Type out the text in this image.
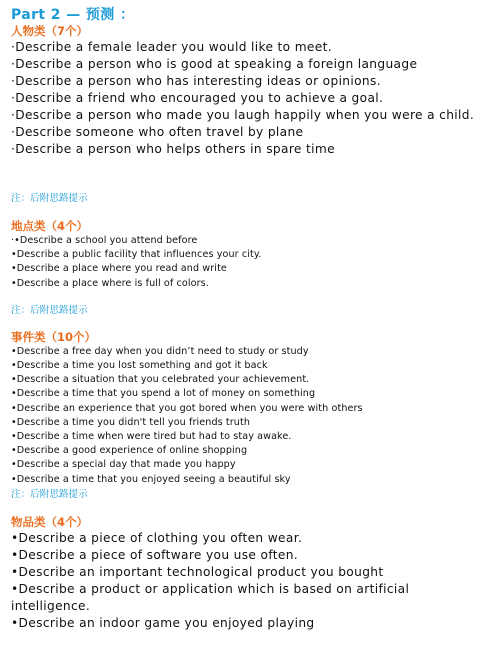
Part 2 — 预测 ：
人物类（7个）
·Describe a female leader you would like to meet.
·Describe a person who is good at speaking a foreign language
·Describe a person who has interesting ideas or opinions.
·Describe a friend who encouraged you to achieve a goal.
·Describe a person who made you laugh happily when you were a child.
·Describe someone who often travel by plane
·Describe a person who helps others in spare time
注：后附思路提示
地点类（4个）
·•Describe a school you attend before
•Describe a public facility that influences your city.
•Describe a place where you read and write
•Describe a place where is full of colors.
注：后附思路提示
事件类（10个）
•Describe a free day when you didn’t need to study or study
•Describe a time you lost something and got it back
•Describe a situation that you celebrated your achievement.
•Describe a time that you spend a lot of money on something
•Describe an experience that you got bored when you were with others
•Describe a time you didn't tell you friends truth
•Describe a time when were tired but had to stay awake.
•Describe a good experience of online shopping
•Describe a special day that made you happy
•Describe a time that you enjoyed seeing a beautiful sky
注：后附思路提示
物品类（4个）
•Describe a piece of clothing you often wear.
•Describe a piece of software you use often.
•Describe an important technological product you bought
•Describe a product or application which is based on artificial intelligence.
•Describe an indoor game you enjoyed playing
